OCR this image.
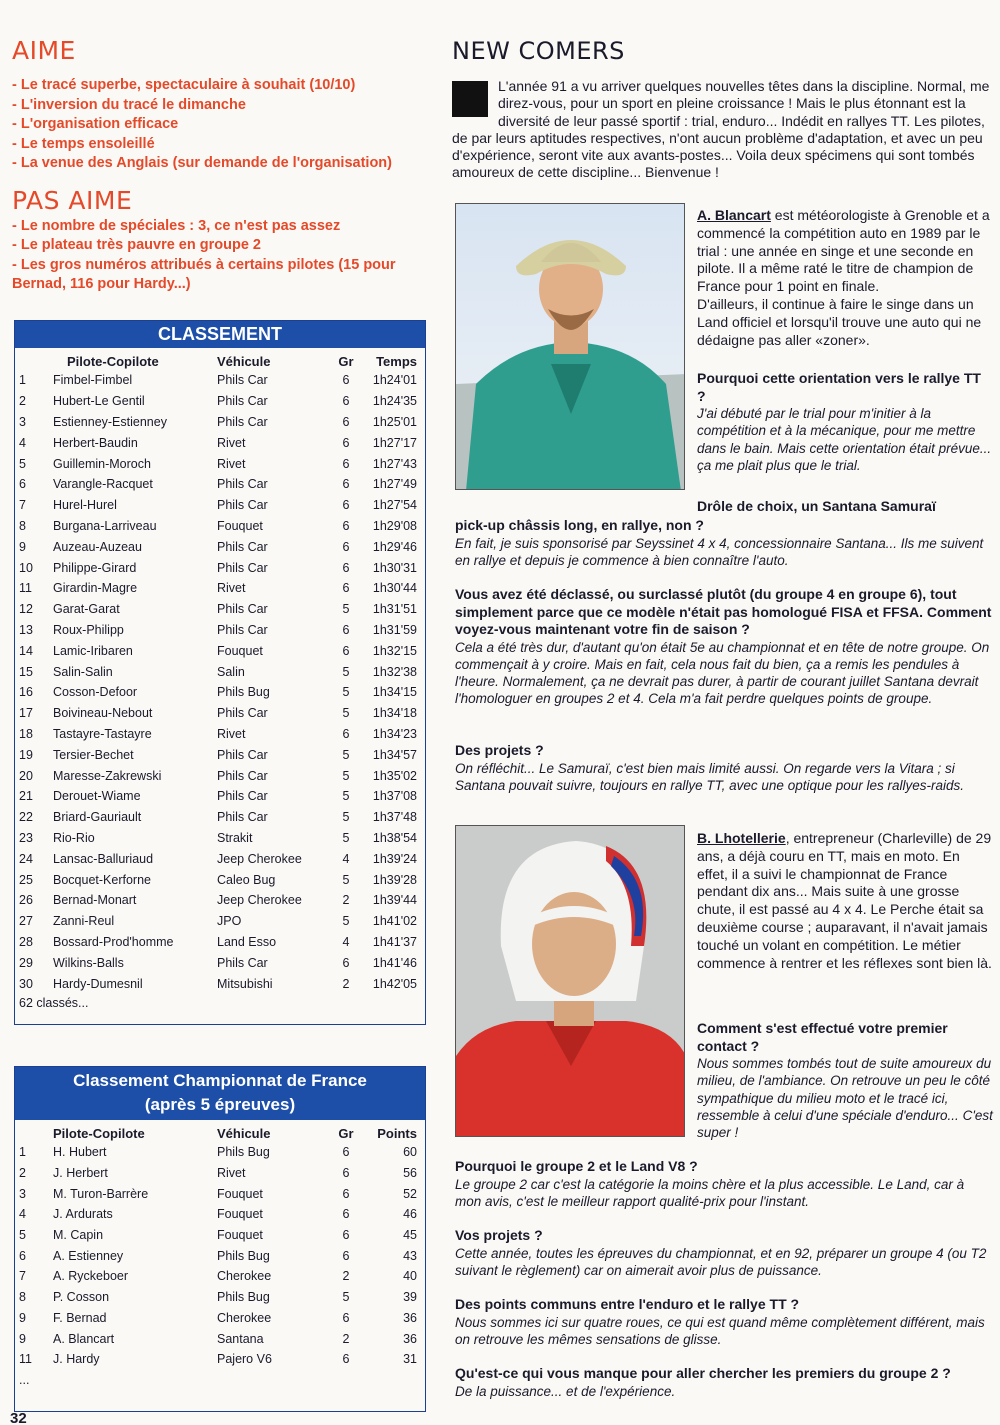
AIME
- Le tracé superbe, spectaculaire à souhait (10/10)
- L'inversion du tracé le dimanche
- L'organisation efficace
- Le temps ensoleillé
- La venue des Anglais (sur demande de l'organisation)
PAS AIME
- Le nombre de spéciales : 3, ce n'est pas assez
- Le plateau très pauvre en groupe 2
- Les gros numéros attribués à certains pilotes (15 pour Bernad, 116 pour Hardy...)
CLASSEMENT
	Pilote-Copilote	Véhicule	Gr	Temps
1	Fimbel-Fimbel	Phils Car	6	1h24'01
2	Hubert-Le Gentil	Phils Car	6	1h24'35
3	Estienney-Estienney	Phils Car	6	1h25'01
4	Herbert-Baudin	Rivet	6	1h27'17
5	Guillemin-Moroch	Rivet	6	1h27'43
6	Varangle-Racquet	Phils Car	6	1h27'49
7	Hurel-Hurel	Phils Car	6	1h27'54
8	Burgana-Larriveau	Fouquet	6	1h29'08
9	Auzeau-Auzeau	Phils Car	6	1h29'46
10	Philippe-Girard	Phils Car	6	1h30'31
11	Girardin-Magre	Rivet	6	1h30'44
12	Garat-Garat	Phils Car	5	1h31'51
13	Roux-Philipp	Phils Car	6	1h31'59
14	Lamic-Iribaren	Fouquet	6	1h32'15
15	Salin-Salin	Salin	5	1h32'38
16	Cosson-Defoor	Phils Bug	5	1h34'15
17	Boivineau-Nebout	Phils Car	5	1h34'18
18	Tastayre-Tastayre	Rivet	6	1h34'23
19	Tersier-Bechet	Phils Car	5	1h34'57
20	Maresse-Zakrewski	Phils Car	5	1h35'02
21	Derouet-Wiame	Phils Car	5	1h37'08
22	Briard-Gauriault	Phils Car	5	1h37'48
23	Rio-Rio	Strakit	5	1h38'54
24	Lansac-Balluriaud	Jeep Cherokee	4	1h39'24
25	Bocquet-Kerforne	Caleo Bug	5	1h39'28
26	Bernad-Monart	Jeep Cherokee	2	1h39'44
27	Zanni-Reul	JPO	5	1h41'02
28	Bossard-Prod'homme	Land Esso	4	1h41'37
29	Wilkins-Balls	Phils Car	6	1h41'46
30	Hardy-Dumesnil	Mitsubishi	2	1h42'05
62 classés...
Classement Championnat de France
(après 5 épreuves)
	Pilote-Copilote	Véhicule	Gr	Points
1	H. Hubert	Phils Bug	6	60
2	J. Herbert	Rivet	6	56
3	M. Turon-Barrère	Fouquet	6	52
4	J. Ardurats	Fouquet	6	46
5	M. Capin	Fouquet	6	45
6	A. Estienney	Phils Bug	6	43
7	A. Ryckeboer	Cherokee	2	40
8	P. Cosson	Phils Bug	5	39
9	F. Bernad	Cherokee	6	36
9	A. Blancart	Santana	2	36
11	J. Hardy	Pajero V6	6	31
...				
NEW COMERS
L'année 91 a vu arriver quelques nouvelles têtes dans la discipline. Normal, me direz-vous, pour un sport en pleine croissance ! Mais le plus étonnant est la diversité de leur passé sportif : trial, enduro... Indédit en rallyes TT. Les pilotes, de par leurs aptitudes respectives, n'ont aucun problème d'adaptation, et avec un peu d'expérience, seront vite aux avants-postes... Voila deux spécimens qui sont tombés amoureux de cette discipline... Bienvenue !

A. Blancart est météorologiste à Grenoble et a commencé la compétition auto en 1989 par le trial : une année en singe et une seconde en pilote. Il a même raté le titre de champion de France pour 1 point en finale.

D'ailleurs, il continue à faire le singe dans un Land officiel et lorsqu'il trouve une auto qui ne dédaigne pas aller «zoner».

Pourquoi cette orientation vers le rallye TT ?

J'ai débuté par le trial pour m'initier à la compétition et à la mécanique, pour me mettre dans le bain. Mais cette orientation était prévue... ça me plait plus que le trial.

Drôle de choix, un Santana Samuraï

pick-up châssis long, en rallye, non ?

En fait, je suis sponsorisé par Seyssinet 4 x 4, concessionnaire Santana... Ils me suivent en rallye et depuis je commence à bien connaître l'auto.

Vous avez été déclassé, ou surclassé plutôt (du groupe 4 en groupe 6), tout simplement parce que ce modèle n'était pas homologué FISA et FFSA. Comment voyez-vous maintenant votre fin de saison ?

Cela a été très dur, d'autant qu'on était 5e au championnat et en tête de notre groupe. On commençait à y croire. Mais en fait, cela nous fait du bien, ça a remis les pendules à l'heure. Normalement, ça ne devrait pas durer, à partir de courant juillet Santana devrait l'homologuer en groupes 2 et 4. Cela m'a fait perdre quelques points de groupe.

Des projets ?

On réfléchit... Le Samuraï, c'est bien mais limité aussi. On regarde vers la Vitara ; si Santana pouvait suivre, toujours en rallye TT, avec une optique pour les rallyes-raids.

B. Lhotellerie, entrepreneur (Charleville) de 29 ans, a déjà couru en TT, mais en moto. En effet, il a suivi le championnat de France pendant dix ans... Mais suite à une grosse chute, il est passé au 4 x 4. Le Perche était sa deuxième course ; auparavant, il n'avait jamais touché un volant en compétition. Le métier commence à rentrer et les réflexes sont bien là.

Comment s'est effectué votre premier contact ?

Nous sommes tombés tout de suite amoureux du milieu, de l'ambiance. On retrouve un peu le côté sympathique du milieu moto et le tracé ici, ressemble à celui d'une spéciale d'enduro... C'est super !

Pourquoi le groupe 2 et le Land V8 ?

Le groupe 2 car c'est la catégorie la moins chère et la plus accessible. Le Land, car à mon avis, c'est le meilleur rapport qualité-prix pour l'instant.

Vos projets ?

Cette année, toutes les épreuves du championnat, et en 92, préparer un groupe 4 (ou T2 suivant le règlement) car on aimerait avoir plus de puissance.

Des points communs entre l'enduro et le rallye TT ?

Nous sommes ici sur quatre roues, ce qui est quand même complètement différent, mais on retrouve les mêmes sensations de glisse.

Qu'est-ce qui vous manque pour aller chercher les premiers du groupe 2 ?

De la puissance... et de l'expérience.

32
